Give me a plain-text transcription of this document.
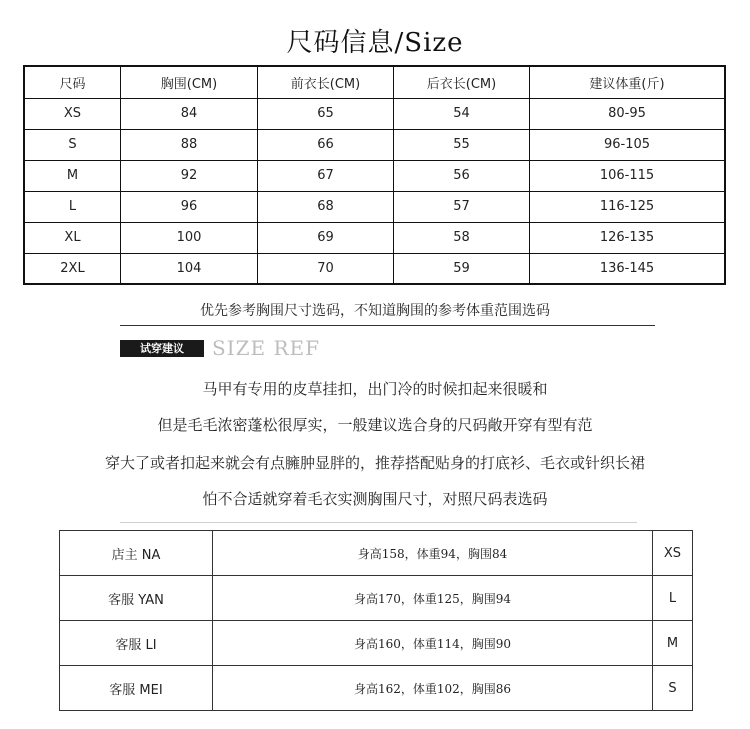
尺码信息/Size
尺码	胸围(CM)	前衣长(CM)	后衣长(CM)	建议体重(斤)
XS	84	65	54	80-95
S	88	66	55	96-105
M	92	67	56	106-115
L	96	68	57	116-125
XL	100	69	58	126-135
2XL	104	70	59	136-145
优先参考胸围尺寸选码，不知道胸围的参考体重范围选码
试穿建议	SIZE REF
马甲有专用的皮草挂扣，出门冷的时候扣起来很暖和
但是毛毛浓密蓬松很厚实，一般建议选合身的尺码敞开穿有型有范
穿大了或者扣起来就会有点臃肿显胖的，推荐搭配贴身的打底衫、毛衣或针织长裙
怕不合适就穿着毛衣实测胸围尺寸，对照尺码表选码
店主 NA	身高158，体重94，胸围84	XS
客服 YAN	身高170，体重125，胸围94	L
客服 LI	身高160，体重114，胸围90	M
客服 MEI	身高162，体重102，胸围86	S
